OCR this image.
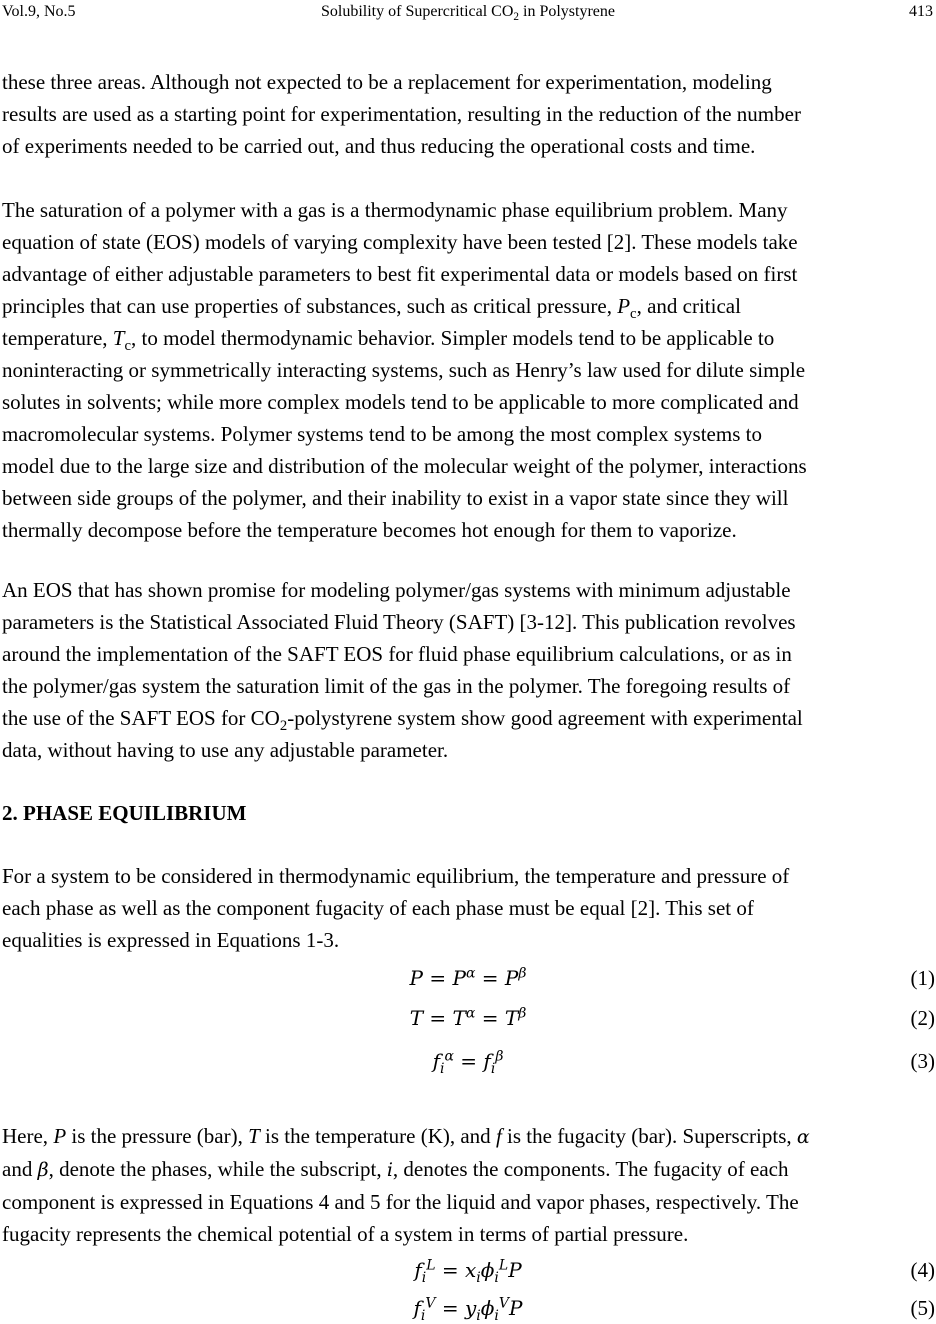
Vol.9, No.5	Solubility of Supercritical $CO_2$ in Polystyrene	413

these three areas. Although not expected to be a replacement for experimentation, modeling
results are used as a starting point for experimentation, resulting in the reduction of the number
of experiments needed to be carried out, and thus reducing the operational costs and time.

The saturation of a polymer with a gas is a thermodynamic phase equilibrium problem. Many
equation of state (EOS) models of varying complexity have been tested [2]. These models take
advantage of either adjustable parameters to best fit experimental data or models based on first
principles that can use properties of substances, such as critical pressure, $P_c$, and critical
temperature, $T_c$, to model thermodynamic behavior. Simpler models tend to be applicable to
noninteracting or symmetrically interacting systems, such as Henry’s law used for dilute simple
solutes in solvents; while more complex models tend to be applicable to more complicated and
macromolecular systems. Polymer systems tend to be among the most complex systems to
model due to the large size and distribution of the molecular weight of the polymer, interactions
between side groups of the polymer, and their inability to exist in a vapor state since they will
thermally decompose before the temperature becomes hot enough for them to vaporize.

An EOS that has shown promise for modeling polymer/gas systems with minimum adjustable
parameters is the Statistical Associated Fluid Theory (SAFT) [3-12]. This publication revolves
around the implementation of the SAFT EOS for fluid phase equilibrium calculations, or as in
the polymer/gas system the saturation limit of the gas in the polymer. The foregoing results of
the use of the SAFT EOS for $CO_2$-polystyrene system show good agreement with experimental
data, without having to use any adjustable parameter.

2. PHASE EQUILIBRIUM

For a system to be considered in thermodynamic equilibrium, the temperature and pressure of
each phase as well as the component fugacity of each phase must be equal [2]. This set of
equalities is expressed in Equations 1-3.

$P = P^\alpha = P^\beta$	(1)
$T = T^\alpha = T^\beta$	(2)
$f_i^\alpha = f_i^\beta$	(3)

Here, P is the pressure (bar), T is the temperature (K), and f is the fugacity (bar). Superscripts, α
and β, denote the phases, while the subscript, i, denotes the components. The fugacity of each
component is expressed in Equations 4 and 5 for the liquid and vapor phases, respectively. The
fugacity represents the chemical potential of a system in terms of partial pressure.

$f_i^L = x_i\phi_i^LP$	(4)
$f_i^V = y_i\phi_i^VP$	(5)
